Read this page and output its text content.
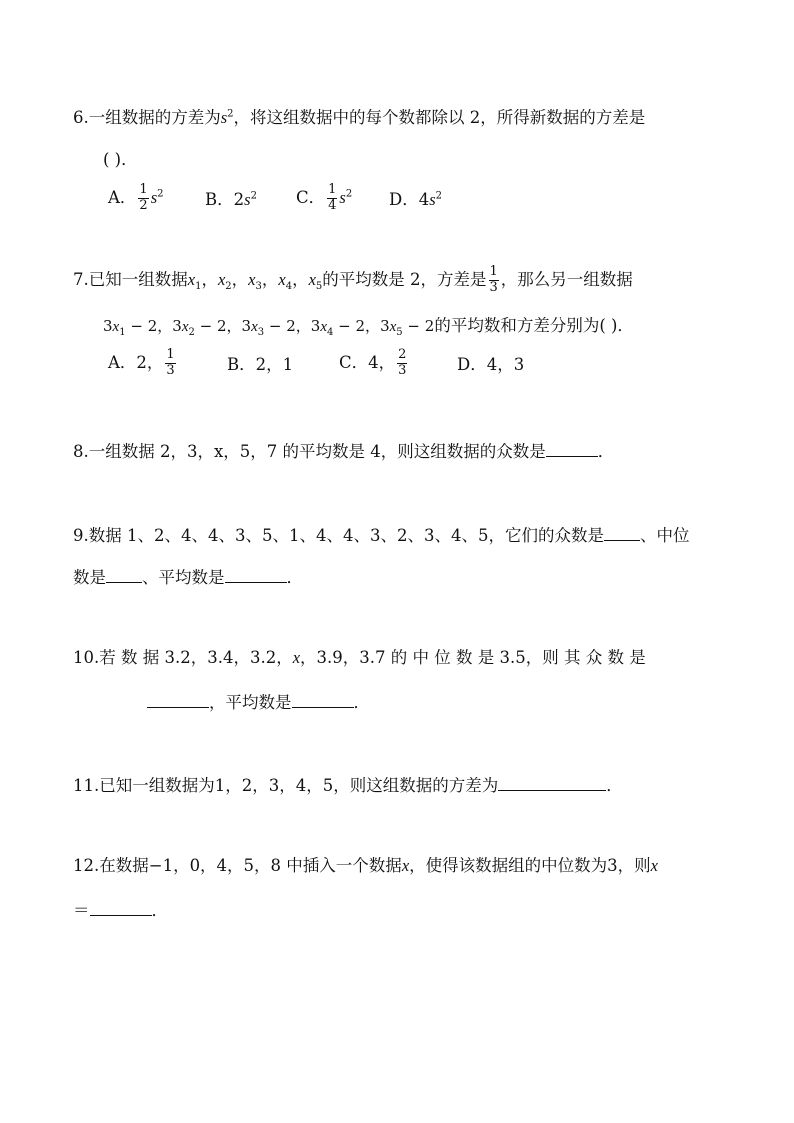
6.一组数据的方差为$s^2$，将这组数据中的每个数都除以 2，所得新数据的方差是
( )．
A． $\frac{1}{2} s^2$	B．$2s^2$ C． $\frac{1}{4} s^2$ D．$4s^2$
7.已知一组数据$x_1$，$x_2$，$x_3$，$x_4$，$x_5$的平均数是 2，方差是 $\frac{1}{3}$ ，那么另一组数据
$3x_1 - 2$，$3x_2 - 2$，$3x_3 - 2$，$3x_4 - 2$，$3x_5 - 2$的平均数和方差分别为( )．
A．2， $\frac{1}{3}$	B．2，1	C．4， $\frac{2}{3}$	D．4，3
8.一组数据 2，3，x，5，7 的平均数是 4，则这组数据的众数是	．
9.数据 1、2、4、4、3、5、1、4、4、3、2、3、4、5，它们的众数是 、中位
数是 、平均数是	．
10.若 数 据 3.2，3.4，3.2，x，3.9，3.7 的 中 位 数 是 3.5，则 其 众 数 是
，平均数是	．
11.已知一组数据为1，2，3，4，5，则这组数据的方差为	．
12.在数据−1，0，4，5，8 中插入一个数据x，使得该数据组的中位数为3，则x
＝	．
